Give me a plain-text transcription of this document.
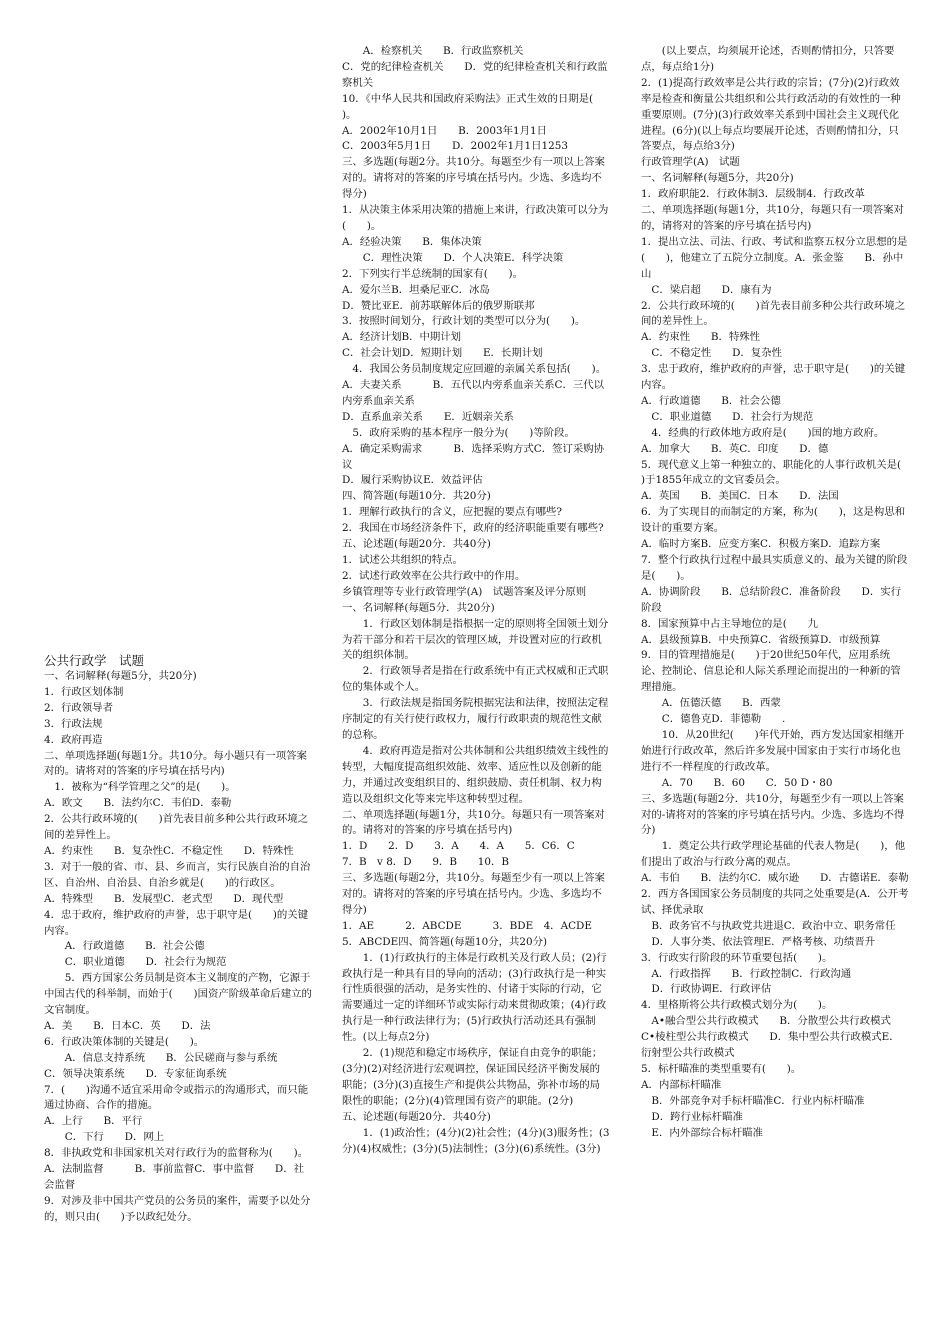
公共行政学　试题
一、名词解释(每题5分，共20分)
1．行政区划体制
2．行政领导者
3．行政法规
4．政府再造
二、单项选择题(每题1分。共10分。每小题只有一项答案对的。请将对的答案的序号填在括号内)
　1．被称为“科学管理之父”的是(　　)。
A．欧文　　B．法约尔C．韦伯D．泰勒
2．公共行政环境的(　　)首先表目前多种公共行政环境之间的差异性上。
A．约束性　　B．复杂性C．不稳定性　　D．特殊性
3．对于一般的省、市、县、乡而言，实行民族自治的自治区、自治州、自治县、自治乡就是(　　)的行政区。
A．特殊型　　B．发展型C．老式型　　D．现代型
4．忠于政府，维护政府的声誉，忠于职守是(　　)的关键内容。
　　A．行政道德　　B．社会公德
　　C．职业道德　　D．社会行为规范
　　5．西方国家公务员制是资本主义制度的产物，它源于中国古代的科举制，而始于(　　)国资产阶级革命后建立的文官制度。
A．美　　B．日本C．英　　D．法
6．行政决策体制的关键是(　　)。
　　A．信息支持系统　　B．公民磋商与参与系统
C．领导决策系统　　D．专家征询系统
7．(　　)沟通不适宜采用命令或指示的沟通形式，而只能通过协商、合作的措施。
A．上行　　B．平行
　　C．下行　　D．网上
8．非执政党和非国家机关对行政行为的监督称为(　　)。
A．法制监督　　　B．事前监督C．事中监督　　D．社会监督
9．对涉及非中国共产党员的公务员的案件，需要予以处分的，则只由(　　)予以政纪处分。
　　A．检察机关　　B．行政监察机关
C．党的纪律检查机关　　D．党的纪律检查机关和行政监察机关
10．《中华人民共和国政府采购法》正式生效的日期是(　　)。
A．2002年10月1日　　B．2003年1月1日
C．2003年5月1日　　D．2002年1月1日1253
三、多选题(每题2分。共10分。每题至少有一项以上答案对的。请将对的答案的序号填在括号内。少选、多选均不得分)
1．从决策主体采用决策的措施上来讲，行政决策可以分为(　　)。
A．经验决策　　B．集体决策
　　C．理性决策　　D．个人决策E．科学决策
2．下列实行半总统制的国家有(　　)。
A．爱尔兰B．坦桑尼亚C．冰岛
D．赞比亚E．前苏联解体后的俄罗斯联邦
3．按照时间划分，行政计划的类型可以分为(　　)。
A．经济计划B．中期计划
C．社会计划D．短期计划　　E．长期计划
　4．我国公务员制度规定应回避的亲属关系包括(　　)。
A．夫妻关系　　　B．五代以内旁系血亲关系C．三代以内旁系血亲关系
D．直系血亲关系　　E．近姻亲关系
　5．政府采购的基本程序一般分为(　　)等阶段。
A．确定采购需求　　　B．选择采购方式C．签订采购协议
D．履行采购协议E．效益评估
四、简答题(每题10分．共20分)
1．理解行政执行的含义，应把握的要点有哪些?
2．我国在市场经济条件下，政府的经济职能重要有哪些?
五、论述题(每题20分．共40分)
1．试述公共组织的特点。
2．试述行政效率在公共行政中的作用。
乡镇管理等专业行政管理学(A)　试题答案及评分原则
一、名词解释(每题5分．共20分)
　　1．行政区划体制是指根据一定的原则将全国领土划分为若干部分和若干层次的管理区域，并设置对应的行政机关的组织体制。
　　2．行政领导者是指在行政系统中有正式权威和正式职位的集体或个人。
　　3．行政法规是指国务院根据宪法和法律，按照法定程序制定的有关行使行政权力，履行行政职责的规范性文献的总称。
　　4．政府再造是指对公共体制和公共组织绩效主线性的转型，大幅度提高组织效能、效率、适应性以及创新的能力，并通过改变组织目的、组织鼓励、责任机制、权力构造以及组织文化等来完毕这种转型过程。
二、单项选择题(每题1分，共10分。每题只有一项答案对的。请将对的答案的序号填在括号内)
1．D　　2．D　　3．A　　4．A　　5．C6．C　　7．B　v 8．D　　9．B　　10．B
三、多选题(每题2分，共10分。每题至少有一项以上答案对的。请将对的答案的序号填在括号内。少选、多选均不得分)
1．AE　　　2．ABCDE　　　3．BDE　4．ACDE　5．ABCDE四、简答题(每题10分，共20分)
　　1．(1)行政执行的主体是行政机关及行政人员；(2)行政执行是一种具有目的导向的活动；(3)行政执行是一种实行性质很强的活动，是务实性的、付诸于实际的行动，它需要通过一定的详细环节或实际行动来贯彻政策；(4)行政执行是一种行政法律行为；(5)行政执行活动还具有强制性。(以上每点2分)
　　2．(1)规范和稳定市场秩序，保证自由竞争的职能；(3分)(2)对经济进行宏观调控，保证国民经济平衡发展的职能；(3分)(3)直接生产和提供公共物品，弥补市场的局限性的职能；(2分)(4)管理国有资产的职能。(2分)
五、论述题(每题20分．共40分)
　　1．(1)政治性；(4分)(2)社会性；(4分)(3)服务性；(3分)(4)权威性；(3分)(5)法制性；(3分)(6)系统性。(3分)
　　(以上要点，均须展开论述，否则酌情扣分，只答要点，每点给1分)
2．(1)提高行政效率是公共行政的宗旨；(7分)(2)行政效率是检查和衡量公共组织和公共行政活动的有效性的一种重要原则。(7分)(3)行政效率关系到中国社会主义现代化进程。(6分)(以上每点均要展开论述，否则酌情扣分，只答要点，每点给3分)
行政管理学(A)　试题
一、名词解释(每题5分，共20分)
1．政府职能2．行政体制3．层级制4．行政改革
二、单项选择题(每题1分，共10分，每题只有一项答案对的，请将对的答案的序号填在括号内)
1．提出立法、司法、行政、考试和监察五权分立思想的是(　　)，他建立了五院分立制度。A．张金鉴　　B．孙中山
　C．梁启超　　D．康有为
2．公共行政环境的(　　)首先表目前多种公共行政环境之间的差异性上。
A．约束性　　B．特殊性
　C．不稳定性　　D．复杂性
3．忠于政府，维护政府的声誉，忠于职守是(　　)的关键内容。
A．行政道德　　B．社会公德
　C．职业道德　　D．社会行为规范
　4．经典的行政体地方政府是(　　)国的地方政府。
A．加拿大　　B．英C．印度　　D．德
5．现代意义上第一种独立的、职能化的人事行政机关是(　　)于1855年成立的文官委员会。
A．英国　　B．美国C．日本　　D．法国
6．为了实现目的而制定的方案，称为(　　)，这是构思和设计的重要方案。
A．临时方案B．应变方案C．积极方案D．追踪方案
7．整个行政执行过程中最具实质意义的、最为关键的阶段是(　　)。
A．协调阶段　　B．总结阶段C．准备阶段　　D．实行阶段
8．国家预算中占主导地位的是(　　九
A．县级预算B．中央预算C．省级预算D．市级预算
9．目的管理措施是(　　)于20世纪50年代，应用系统论、控制论、信息论和人际关系理论而提出的一种新的管理措施。
　　A．伍德沃德　　B．西蒙
　　C．德鲁克D．菲德勒　　.
　　10．从20世纪(　　)年代开始，西方发达国家相继开始进行行政改革，然后许多发展中国家由于实行市场化也进行不一样程度的行政改革。
　　A．70　　B．60　　C．50 D・80
三、多选题(每题2分．共10分，每题至少有一项以上答案对的-请将对的答案的序号填在括号内。少选、多选均不得分)
　　1．奠定公共行政学理论基础的代表人物是(　　)，他们提出了政治与行政分离的观点。
A．韦伯　　B．法约尔C．威尔逊　　D．古德诺E．泰勒
2．西方各国国家公务员制度的共同之处重要是(A．公开考试、择优录取
　B．政务官不与执政党共进退C．政治中立、职务常任
　D．人事分类、依法管理E．严格考核、功绩晋升
3．行政实行阶段的环节重要包括(　　)。
　A．行政指挥　　B．行政控制C．行政沟通
　D．行政协调E．行政评估
4．里格斯将公共行政模式划分为(　　)。
　A•融合型公共行政模式　　B．分散型公共行政模式
C•棱柱型公共行政模式　　D．集中型公共行政模式E．衍射型公共行政模式
5．标杆瞄准的类型重要有(　　)。
A．内部标杆瞄准
　B．外部竞争对手标杆瞄准C．行业内标杆瞄准
　D．跨行业标杆瞄准
　E．内外部综合标杆瞄准
